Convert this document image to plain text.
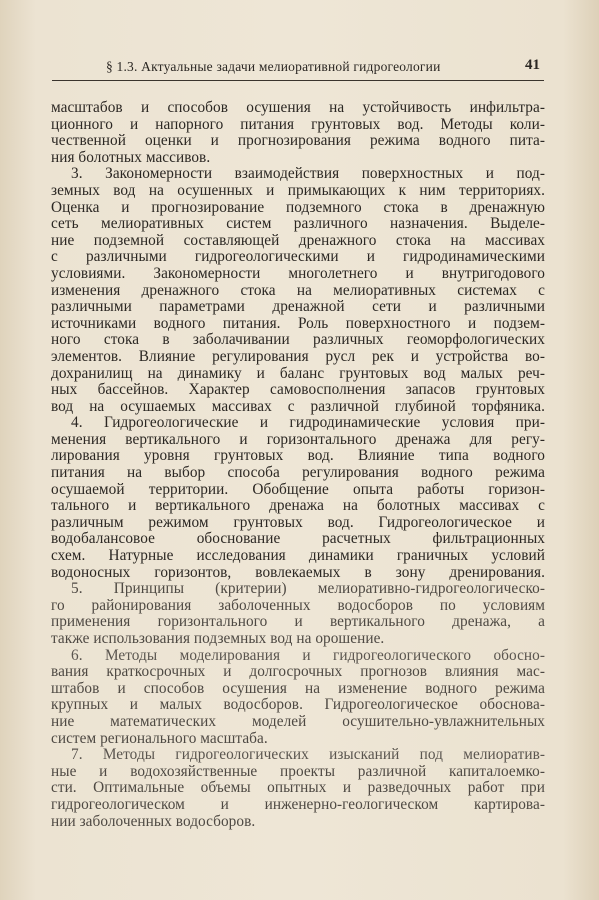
§ 1.3. Актуальные задачи мелиоративной гидрогеологии	41

масштабов и способов осушения на устойчивость инфильтра-
ционного и напорного питания грунтовых вод. Методы коли-
чественной оценки и прогнозирования режима водного пита-
ния болотных массивов.

3. Закономерности взаимодействия поверхностных и под-
земных вод на осушенных и примыкающих к ним территориях.
Оценка и прогнозирование подземного стока в дренажную
сеть мелиоративных систем различного назначения. Выделе-
ние подземной составляющей дренажного стока на массивах
с различными гидрогеологическими и гидродинамическими
условиями. Закономерности многолетнего и внутригодового
изменения дренажного стока на мелиоративных системах с
различными параметрами дренажной сети и различными
источниками водного питания. Роль поверхностного и подзем-
ного стока в заболачивании различных геоморфологических
элементов. Влияние регулирования русл рек и устройства во-
дохранилищ на динамику и баланс грунтовых вод малых реч-
ных бассейнов. Характер самовосполнения запасов грунтовых
вод на осушаемых массивах с различной глубиной торфяника.

4. Гидрогеологические и гидродинамические условия при-
менения вертикального и горизонтального дренажа для регу-
лирования уровня грунтовых вод. Влияние типа водного
питания на выбор способа регулирования водного режима
осушаемой территории. Обобщение опыта работы горизон-
тального и вертикального дренажа на болотных массивах с
различным режимом грунтовых вод. Гидрогеологическое и
водобалансовое обоснование расчетных фильтрационных
схем. Натурные исследования динамики граничных условий
водоносных горизонтов, вовлекаемых в зону дренирования.

5. Принципы (критерии) мелиоративно-гидрогеологическо-
го районирования заболоченных водосборов по условиям
применения горизонтального и вертикального дренажа, а
также использования подземных вод на орошение.

6. Методы моделирования и гидрогеологического обосно-
вания краткосрочных и долгосрочных прогнозов влияния мас-
штабов и способов осушения на изменение водного режима
крупных и малых водосборов. Гидрогеологическое обоснова-
ние математических моделей осушительно-увлажнительных
систем регионального масштаба.

7. Методы гидрогеологических изысканий под мелиоратив-
ные и водохозяйственные проекты различной капиталоемко-
сти. Оптимальные объемы опытных и разведочных работ при
гидрогеологическом и инженерно-геологическом картирова-
нии заболоченных водосборов.
